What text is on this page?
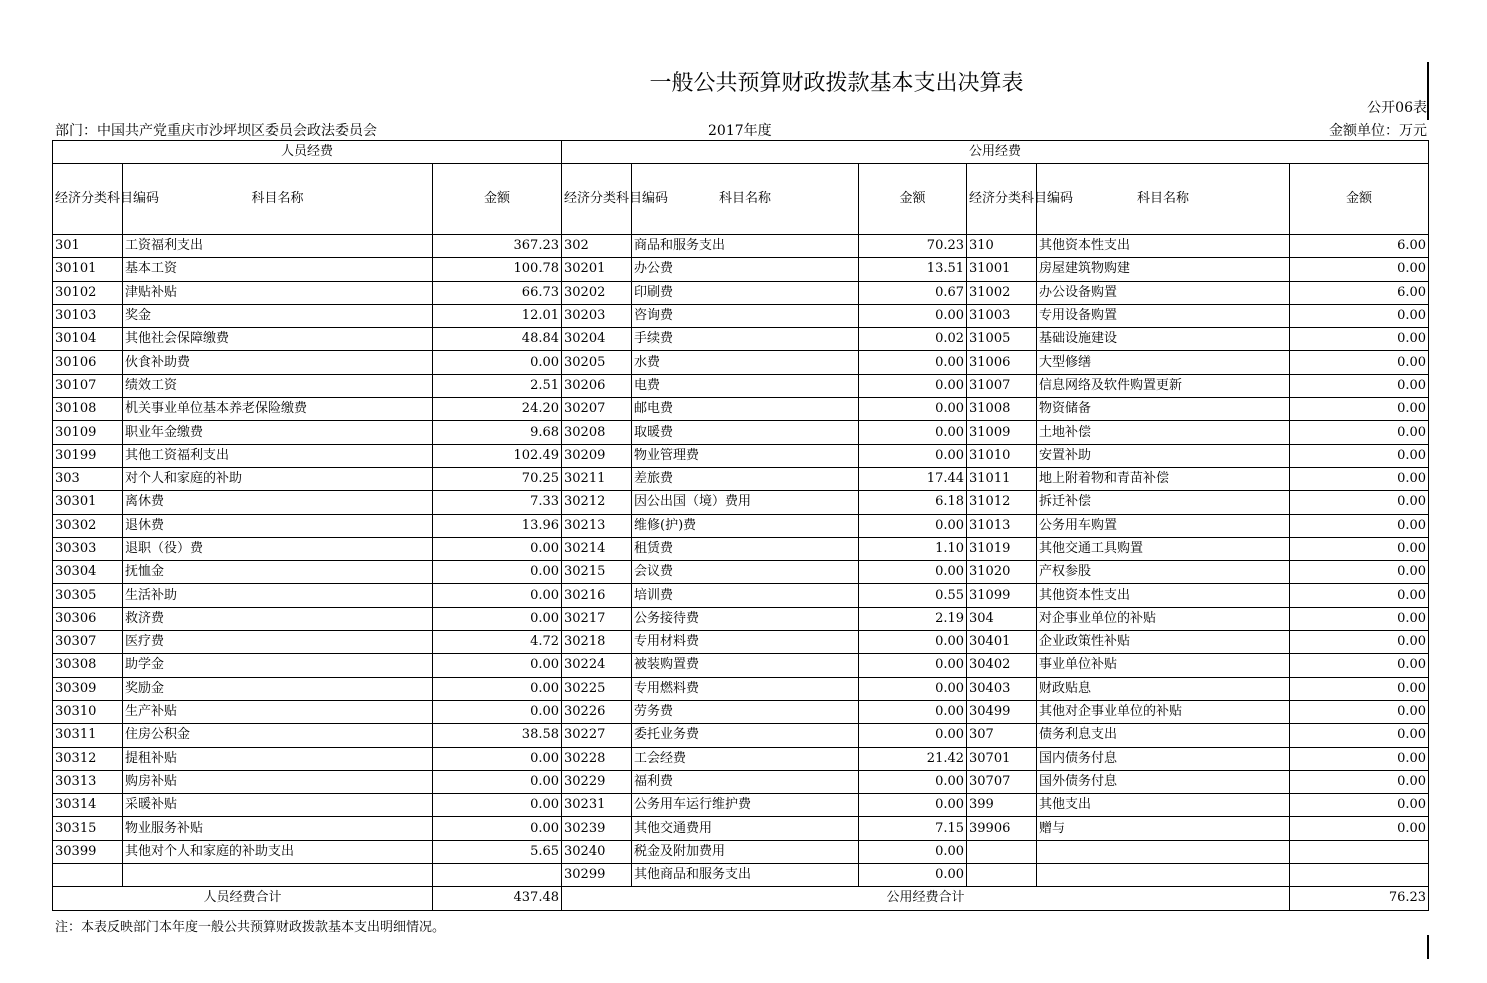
一般公共预算财政拨款基本支出决算表
公开06表
部门：中国共产党重庆市沙坪坝区委员会政法委员会	2017年度	金额单位：万元
人员经费			公用经费					
经济分类科目编码	科目名称	金额	经济分类科目编码	科目名称	金额	经济分类科目编码	科目名称	金额
301	工资福利支出	367.23	302	商品和服务支出	70.23	310	其他资本性支出	6.00
30101	基本工资	100.78	30201	办公费	13.51	31001	房屋建筑物购建	0.00
30102	津贴补贴	66.73	30202	印刷费	0.67	31002	办公设备购置	6.00
30103	奖金	12.01	30203	咨询费	0.00	31003	专用设备购置	0.00
30104	其他社会保障缴费	48.84	30204	手续费	0.02	31005	基础设施建设	0.00
30106	伙食补助费	0.00	30205	水费	0.00	31006	大型修缮	0.00
30107	绩效工资	2.51	30206	电费	0.00	31007	信息网络及软件购置更新	0.00
30108	机关事业单位基本养老保险缴费	24.20	30207	邮电费	0.00	31008	物资储备	0.00
30109	职业年金缴费	9.68	30208	取暖费	0.00	31009	土地补偿	0.00
30199	其他工资福利支出	102.49	30209	物业管理费	0.00	31010	安置补助	0.00
303	对个人和家庭的补助	70.25	30211	差旅费	17.44	31011	地上附着物和青苗补偿	0.00
30301	离休费	7.33	30212	因公出国（境）费用	6.18	31012	拆迁补偿	0.00
30302	退休费	13.96	30213	维修(护)费	0.00	31013	公务用车购置	0.00
30303	退职（役）费	0.00	30214	租赁费	1.10	31019	其他交通工具购置	0.00
30304	抚恤金	0.00	30215	会议费	0.00	31020	产权参股	0.00
30305	生活补助	0.00	30216	培训费	0.55	31099	其他资本性支出	0.00
30306	救济费	0.00	30217	公务接待费	2.19	304	对企事业单位的补贴	0.00
30307	医疗费	4.72	30218	专用材料费	0.00	30401	企业政策性补贴	0.00
30308	助学金	0.00	30224	被装购置费	0.00	30402	事业单位补贴	0.00
30309	奖励金	0.00	30225	专用燃料费	0.00	30403	财政贴息	0.00
30310	生产补贴	0.00	30226	劳务费	0.00	30499	其他对企事业单位的补贴	0.00
30311	住房公积金	38.58	30227	委托业务费	0.00	307	债务利息支出	0.00
30312	提租补贴	0.00	30228	工会经费	21.42	30701	国内债务付息	0.00
30313	购房补贴	0.00	30229	福利费	0.00	30707	国外债务付息	0.00
30314	采暖补贴	0.00	30231	公务用车运行维护费	0.00	399	其他支出	0.00
30315	物业服务补贴	0.00	30239	其他交通费用	7.15	39906	赠与	0.00
30399	其他对个人和家庭的补助支出	5.65	30240	税金及附加费用	0.00			
			30299	其他商品和服务支出	0.00			
人员经费合计		437.48	公用经费合计					76.23
注：本表反映部门本年度一般公共预算财政拨款基本支出明细情况。
